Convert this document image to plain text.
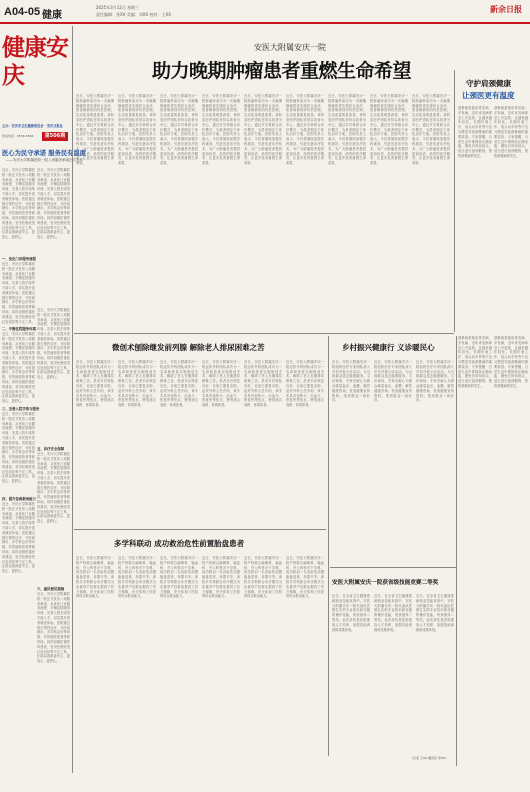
A04-05 健康
2025年3月12日 星期三
责任编辑：张XX 美编：刘XX 校对：王XX
新余日报
健康安庆
主办：安庆市卫生健康委员会 · 安庆日报社
热线电话：0556-5506	第506期
医心为民守承诺 服务民有温度
——安庆大学附属医院一院八项服务承诺正式发布
近日，安庆大学附属医院一院正式发布八项服务承诺，从优化门诊服务流程、平衡住院服务环境、完善入院手续等方面入手，切实提升患者就医体验。医院通过推行预约诊疗、分时段就诊、多学科会诊等举措，有效缩短患者等候时间。同时加强医德医风建设，坚决杜绝收受红包回扣等不正之风，让群众看病更安心、更放心、更舒心。
近日，安庆大学附属医院一院正式发布八项服务承诺，从优化门诊服务流程、平衡住院服务环境、完善入院手续等方面入手，切实提升患者就医体验。医院通过推行预约诊疗、分时段就诊、多学科会诊等举措，有效缩短患者等候时间。同时加强医德医风建设，坚决杜绝收受红包回扣等不正之风，让群众看病更安心、更放心、更舒心。
一、优化门诊服务流程
二、平衡住院服务环境
三、完善入院手续与服务
四、提升急救救治能力
五、诊疗安全保障
六、惠民便民措施
近日，安庆大学附属医院一院正式发布八项服务承诺，从优化门诊服务流程、平衡住院服务环境、完善入院手续等方面入手，切实提升患者就医体验。医院通过推行预约诊疗、分时段就诊、多学科会诊等举措，有效缩短患者等候时间。同时加强医德医风建设，坚决杜绝收受红包回扣等不正之风，
近日，安庆大学附属医院一院正式发布八项服务承诺，从优化门诊服务流程、平衡住院服务环境、完善入院手续等方面入手，切实提升患者就医体验。医院通过推行预约诊疗、分时段就诊、多学科会诊等举措，有效缩短患者等候时间。同时加强医德医风建设，坚决杜绝收受红包回扣等不正之风，让群众看病更安心、更放心、更舒心。
近日，安庆大学附属医院一院正式发布八项服务承诺，从优化门诊服务流程、平衡住院服务环境、完善入院手续等方面入手，切实提升患者就医体验。医院通过推行预约诊疗、分时段就诊、多学科会诊等举措，有效缩短患者等候时间。同时加强医德医风建设，坚决杜绝收受红包回扣等不正之风，让群众看病更安心、更放心、更舒心。
近日，安庆大学附属医院一院正式发布八项服务承诺，从优化门诊服务流程、平衡住院服务环境、完善入院手续等方面入手，切实提升患者就医体验。医院通过推行预约诊疗、分时段就诊、多学科会诊等举措，有效缩短患者等候时间。同时加强医德医风建设，坚决杜绝收受红包回扣等不正之风，让群众看病更安心、更放心、更舒心。
近日，安庆大学附属医院一院正式发布八项服务承诺，从优化门诊服务流程、平衡住院服务环境、完善入院手续等方面入手，切实提升患者就医体验。医院通过推行预约诊疗、分时段就诊、多学科会诊等举措，有效缩短患者等候时间。同时加强医德医风建设，坚决杜绝收受红包回扣等不正之风，让群众看病更安心、更放心、更舒心。
近日，安庆大学附属医院一院正式发布八项服务承诺，从优化门诊服务流程、平衡住院服务环境、完善入院手续等方面入手，切实提升患者就医体验。医院通过推行预约诊疗、分时段就诊、多学科会诊等举措，有效缩短患者等候时间。同时加强医德医风建设，坚决杜绝收受红包回扣等不正之风，让群众看病更安心、更放心、更舒心。
近日，安庆大学附属医院一院正式发布八项服务承诺，从优化门诊服务流程、平衡住院服务环境、完善入院手续等方面入手，切实提升患者就医体验。医院通过推行预约诊疗、分时段就诊、多学科会诊等举措，有效缩短患者等候时间。同时加强医德医风建设，坚决杜绝收受红包回扣等不正之风，让群众看病更安心、更放心、更舒心。
安医大附属安庆一院
助力晚期肿瘤患者重燃生命希望
近日，安医大附属安庆一院肿瘤科成功为一名晚期肿瘤患者实施综合治疗，患者病情得到有效控制，生活质量明显改善。该科室医护团队坚持以患者为中心，通过多学科联合诊疗模式，为患者制定个体化治疗方案。医院负责人表示，今后将继续加强学科建设，引进先进诊疗技术，为广大肿瘤患者提供更加优质、高效的医疗服务，让更多患者重燃生命希望。
近日，安医大附属安庆一院肿瘤科成功为一名晚期肿瘤患者实施综合治疗，患者病情得到有效控制，生活质量明显改善。该科室医护团队坚持以患者为中心，通过多学科联合诊疗模式，为患者制定个体化治疗方案。医院负责人表示，今后将继续加强学科建设，引进先进诊疗技术，为广大肿瘤患者提供更加优质、高效的医疗服务，让更多患者重燃生命希望。
近日，安医大附属安庆一院肿瘤科成功为一名晚期肿瘤患者实施综合治疗，患者病情得到有效控制，生活质量明显改善。该科室医护团队坚持以患者为中心，通过多学科联合诊疗模式，为患者制定个体化治疗方案。医院负责人表示，今后将继续加强学科建设，引进先进诊疗技术，为广大肿瘤患者提供更加优质、高效的医疗服务，让更多患者重燃生命希望。
近日，安医大附属安庆一院肿瘤科成功为一名晚期肿瘤患者实施综合治疗，患者病情得到有效控制，生活质量明显改善。该科室医护团队坚持以患者为中心，通过多学科联合诊疗模式，为患者制定个体化治疗方案。医院负责人表示，今后将继续加强学科建设，引进先进诊疗技术，为广大肿瘤患者提供更加优质、高效的医疗服务，让更多患者重燃生命希望。
近日，安医大附属安庆一院肿瘤科成功为一名晚期肿瘤患者实施综合治疗，患者病情得到有效控制，生活质量明显改善。该科室医护团队坚持以患者为中心，通过多学科联合诊疗模式，为患者制定个体化治疗方案。医院负责人表示，今后将继续加强学科建设，引进先进诊疗技术，为广大肿瘤患者提供更加优质、高效的医疗服务，让更多患者重燃生命希望。
近日，安医大附属安庆一院肿瘤科成功为一名晚期肿瘤患者实施综合治疗，患者病情得到有效控制，生活质量明显改善。该科室医护团队坚持以患者为中心，通过多学科联合诊疗模式，为患者制定个体化治疗方案。医院负责人表示，今后将继续加强学科建设，引进先进诊疗技术，为广大肿瘤患者提供更加优质、高效的医疗服务，让更多患者重燃生命希望。
近日，安医大附属安庆一院肿瘤科成功为一名晚期肿瘤患者实施综合治疗，患者病情得到有效控制，生活质量明显改善。该科室医护团队坚持以患者为中心，通过多学科联合诊疗模式，为患者制定个体化治疗方案。医院负责人表示，今后将继续加强学科建设，引进先进诊疗技术，为广大肿瘤患者提供更加优质、高效的医疗服务，让更多患者重燃生命希望。
近日，安医大附属安庆一院肿瘤科成功为一名晚期肿瘤患者实施综合治疗，患者病情得到有效控制，生活质量明显改善。该科室医护团队坚持以患者为中心，通过多学科联合诊疗模式，为患者制定个体化治疗方案。医院负责人表示，今后将继续加强学科建设，引进先进诊疗技术，为广大肿瘤患者提供更加优质、高效的医疗服务，让更多患者重燃生命希望。
近日，安医大附属安庆一院肿瘤科成功为一名晚期肿瘤患者实施综合治疗，患者病情得到有效控制，生活质量明显改善。该科室医护团队坚持以患者为中心，通过多学科联合诊疗模式，为患者制定个体化治疗方案。医院负责人表示，今后将继续加强学科建设，引进先进诊疗技术，为广大肿瘤患者提供更加优质、高效的医疗服务，让更多患者重燃生命希望。
守护肩颈健康
让颈医更有温度
颈椎病是临床常见病、多发病，近年来发病率呈上升趋势，且越来越年轻化。长期伏案工作、低头玩手机等不良习惯是导致颈椎病的重要原因。专家提醒，日常生活中要保持正确坐姿，避免长时间低头，适当进行颈部锻炼，预防颈椎病的发生。
颈椎病是临床常见病、多发病，近年来发病率呈上升趋势，且越来越年轻化。长期伏案工作、低头玩手机等不良习惯是导致颈椎病的重要原因。专家提醒，日常生活中要保持正确坐姿，避免长时间低头，适当进行颈部锻炼，预防颈椎病的发生。
微创术刨除继发前列腺 解除老人排尿困难之苦
近日，安医大附属安庆一院泌尿外科团队成功为一名高龄患者实施微创手术，解除了老人长期排尿困难之苦。患者术后恢复良好，目前已康复出院。泌尿外科主任介绍，该手术具有创伤小、出血少、恢复快等优点，特别适合高龄、体弱患者。
近日，安医大附属安庆一院泌尿外科团队成功为一名高龄患者实施微创手术，解除了老人长期排尿困难之苦。患者术后恢复良好，目前已康复出院。泌尿外科主任介绍，该手术具有创伤小、出血少、恢复快等优点，特别适合高龄、体弱患者。
近日，安医大附属安庆一院泌尿外科团队成功为一名高龄患者实施微创手术，解除了老人长期排尿困难之苦。患者术后恢复良好，目前已康复出院。泌尿外科主任介绍，该手术具有创伤小、出血少、恢复快等优点，特别适合高龄、体弱患者。
近日，安医大附属安庆一院泌尿外科团队成功为一名高龄患者实施微创手术，解除了老人长期排尿困难之苦。患者术后恢复良好，目前已康复出院。泌尿外科主任介绍，该手术具有创伤小、出血少、恢复快等优点，特别适合高龄、体弱患者。
近日，安医大附属安庆一院泌尿外科团队成功为一名高龄患者实施微创手术，解除了老人长期排尿困难之苦。患者术后恢复良好，目前已康复出院。泌尿外科主任介绍，该手术具有创伤小、出血少、恢复快等优点，特别适合高龄、体弱患者。
近日，安医大附属安庆一院泌尿外科团队成功为一名高龄患者实施微创手术，解除了老人长期排尿困难之苦。患者术后恢复良好，目前已康复出院。泌尿外科主任介绍，该手术具有创伤小、出血少、恢复快等优点，特别适合高龄、体弱患者。
乡村振兴健康行 义诊暖民心
近日，安医大附属安庆一院组织医疗专家团队深入乡村开展义诊活动，为当地群众送去健康服务。义诊现场，专家们耐心为群众测量血压、血糖，解答健康咨询，发放健康宣传资料，受到群众一致好评。
近日，安医大附属安庆一院组织医疗专家团队深入乡村开展义诊活动，为当地群众送去健康服务。义诊现场，专家们耐心为群众测量血压、血糖，解答健康咨询，发放健康宣传资料，受到群众一致好评。
近日，安医大附属安庆一院组织医疗专家团队深入乡村开展义诊活动，为当地群众送去健康服务。义诊现场，专家们耐心为群众测量血压、血糖，解答健康咨询，发放健康宣传资料，受到群众一致好评。
颈椎病是临床常见病、多发病，近年来发病率呈上升趋势，且越来越年轻化。长期伏案工作、低头玩手机等不良习惯是导致颈椎病的重要原因。专家提醒，日常生活中要保持正确坐姿，避免长时间低头，适当进行颈部锻炼，预防颈椎病的发生。
颈椎病是临床常见病、多发病，近年来发病率呈上升趋势，且越来越年轻化。长期伏案工作、低头玩手机等不良习惯是导致颈椎病的重要原因。专家提醒，日常生活中要保持正确坐姿，避免长时间低头，适当进行颈部锻炼，预防颈椎病的发生。
多学科联动 成功救治危性前置胎盘患者
近日，安医大附属安庆一院产科联合麻醉科、输血科、介入科等多个学科，成功救治一名凶险性前置胎盘患者，母婴平安。该院多学科联合诊疗模式为危重孕产妇救治提供了有力保障，充分体现了医院的综合救治能力。
近日，安医大附属安庆一院产科联合麻醉科、输血科、介入科等多个学科，成功救治一名凶险性前置胎盘患者，母婴平安。该院多学科联合诊疗模式为危重孕产妇救治提供了有力保障，充分体现了医院的综合救治能力。
近日，安医大附属安庆一院产科联合麻醉科、输血科、介入科等多个学科，成功救治一名凶险性前置胎盘患者，母婴平安。该院多学科联合诊疗模式为危重孕产妇救治提供了有力保障，充分体现了医院的综合救治能力。
近日，安医大附属安庆一院产科联合麻醉科、输血科、介入科等多个学科，成功救治一名凶险性前置胎盘患者，母婴平安。该院多学科联合诊疗模式为危重孕产妇救治提供了有力保障，充分体现了医院的综合救治能力。
近日，安医大附属安庆一院产科联合麻醉科、输血科、介入科等多个学科，成功救治一名凶险性前置胎盘患者，母婴平安。该院多学科联合诊疗模式为危重孕产妇救治提供了有力保障，充分体现了医院的综合救治能力。
近日，安医大附属安庆一院产科联合麻醉科、输血科、介入科等多个学科，成功救治一名凶险性前置胎盘患者，母婴平安。该院多学科联合诊疗模式为危重孕产妇救治提供了有力保障，充分体现了医院的综合救治能力。
安医大附属安庆一院获省级技能竞赛二等奖
近日，在全省卫生健康系统职业技能竞赛中，安医大附属安庆一院代表队凭借扎实的专业知识和过硬的操作技能，荣获团体二等奖。此次获奖是医院重视人才培养、加强技能训练的成果体现。
近日，在全省卫生健康系统职业技能竞赛中，安医大附属安庆一院代表队凭借扎实的专业知识和过硬的操作技能，荣获团体二等奖。此次获奖是医院重视人才培养、加强技能训练的成果体现。
近日，在全省卫生健康系统职业技能竞赛中，安医大附属安庆一院代表队凭借扎实的专业知识和过硬的操作技能，荣获团体二等奖。此次获奖是医院重视人才培养、加强技能训练的成果体现。
（记者 王XX 通讯员 李XX）
